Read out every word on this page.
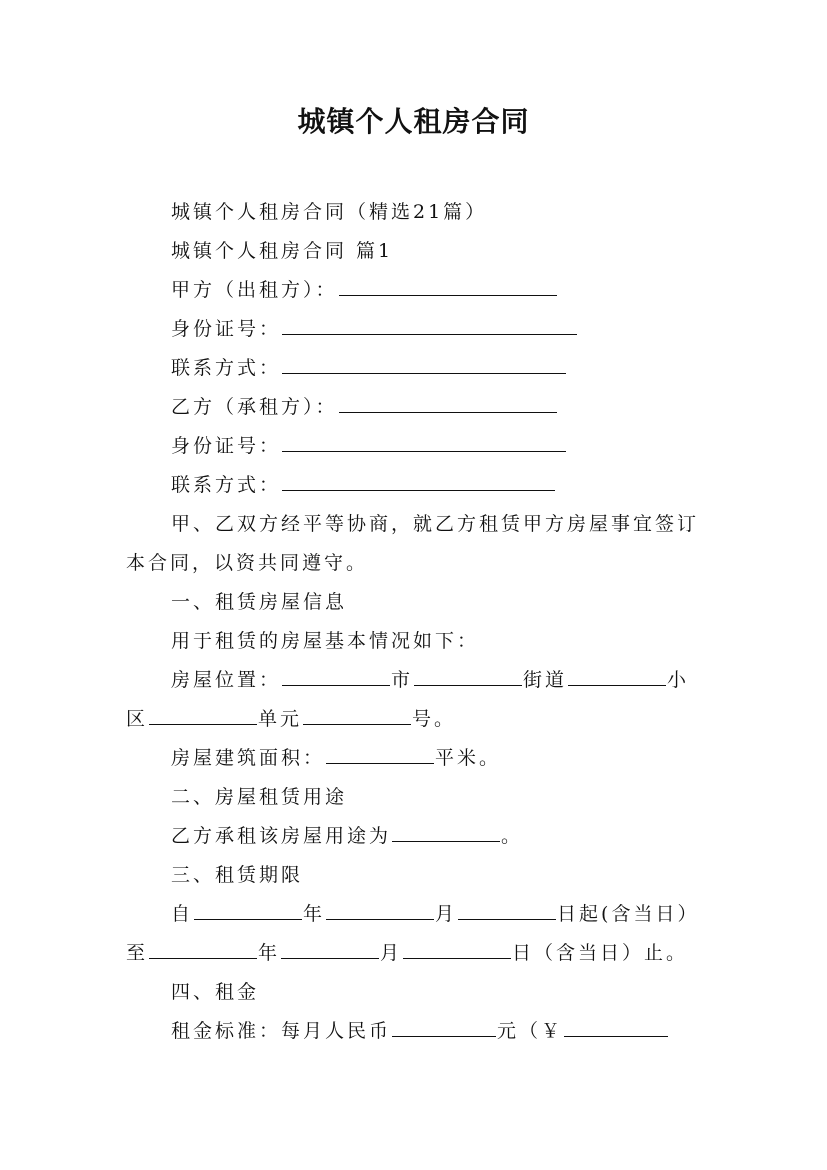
城镇个人租房合同
城镇个人租房合同（精选21篇）
城镇个人租房合同 篇1
甲方（出租方）：
身份证号：
联系方式：
乙方（承租方）：
身份证号：
联系方式：
甲、乙双方经平等协商，就乙方租赁甲方房屋事宜签订
本合同，以资共同遵守。
一、租赁房屋信息
用于租赁的房屋基本情况如下：
房屋位置：	市	街道	小
区	单元	号。
房屋建筑面积：	平米。
二、房屋租赁用途
乙方承租该房屋用途为	。
三、租赁期限
自	年	月	日起(含当日）
至	年	月	日（含当日）止。
四、租金
租金标准：每月人民币	元（￥
